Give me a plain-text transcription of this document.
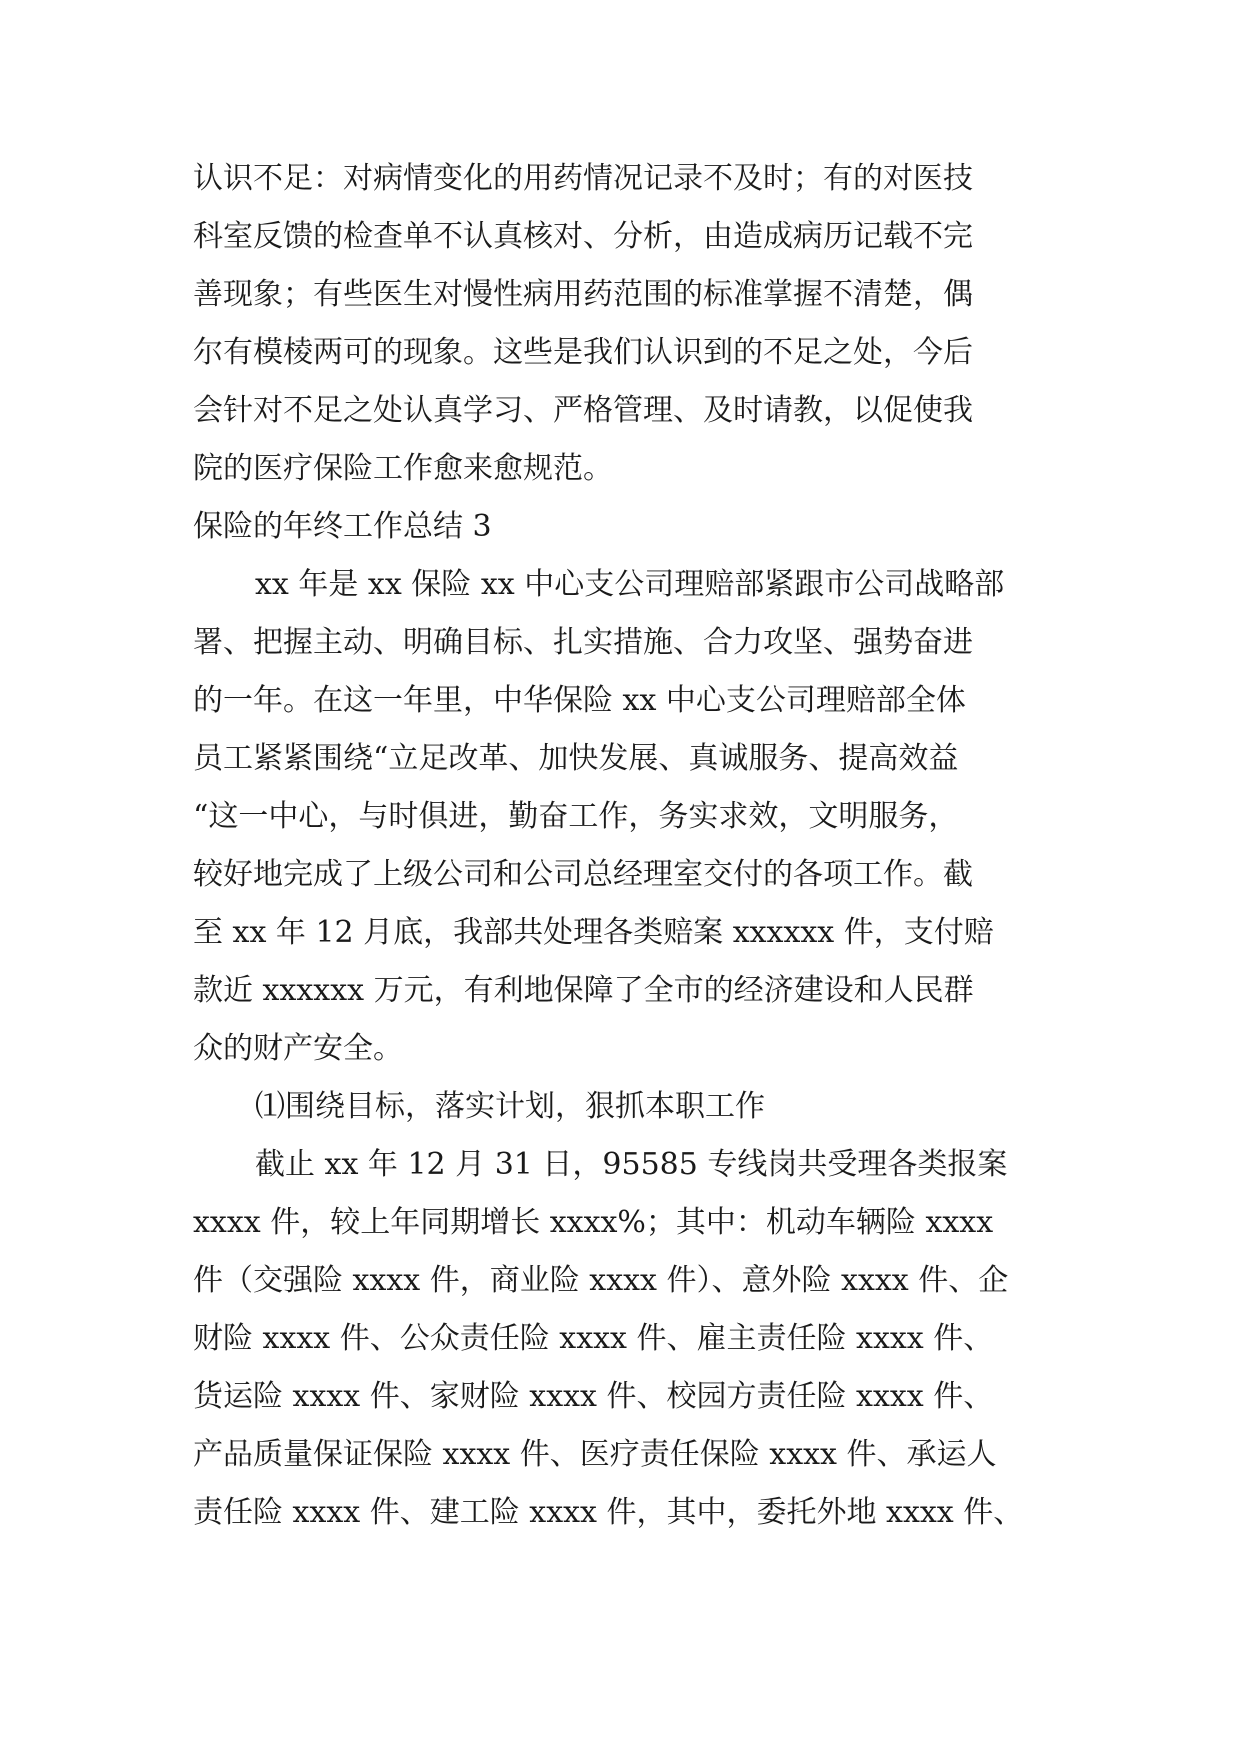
认识不足：对病情变化的用药情况记录不及时；有的对医技
科室反馈的检查单不认真核对、分析，由造成病历记载不完
善现象；有些医生对慢性病用药范围的标准掌握不清楚，偶
尔有模棱两可的现象。这些是我们认识到的不足之处，今后
会针对不足之处认真学习、严格管理、及时请教，以促使我
院的医疗保险工作愈来愈规范。
保险的年终工作总结 3
xx 年是 xx 保险 xx 中心支公司理赔部紧跟市公司战略部
署、把握主动、明确目标、扎实措施、合力攻坚、强势奋进
的一年。在这一年里，中华保险 xx 中心支公司理赔部全体
员工紧紧围绕“立足改革、加快发展、真诚服务、提高效益
“这一中心，与时俱进，勤奋工作，务实求效，文明服务，
较好地完成了上级公司和公司总经理室交付的各项工作。截
至 xx 年 12 月底，我部共处理各类赔案 xxxxxx 件，支付赔
款近 xxxxxx 万元，有利地保障了全市的经济建设和人民群
众的财产安全。
⑴围绕目标，落实计划，狠抓本职工作
截止 xx 年 12 月 31 日，95585 专线岗共受理各类报案
xxxx 件，较上年同期增长 xxxx%；其中：机动车辆险 xxxx
件（交强险 xxxx 件，商业险 xxxx 件）、意外险 xxxx 件、企
财险 xxxx 件、公众责任险 xxxx 件、雇主责任险 xxxx 件、
货运险 xxxx 件、家财险 xxxx 件、校园方责任险 xxxx 件、
产品质量保证保险 xxxx 件、医疗责任保险 xxxx 件、承运人
责任险 xxxx 件、建工险 xxxx 件，其中，委托外地 xxxx 件、
